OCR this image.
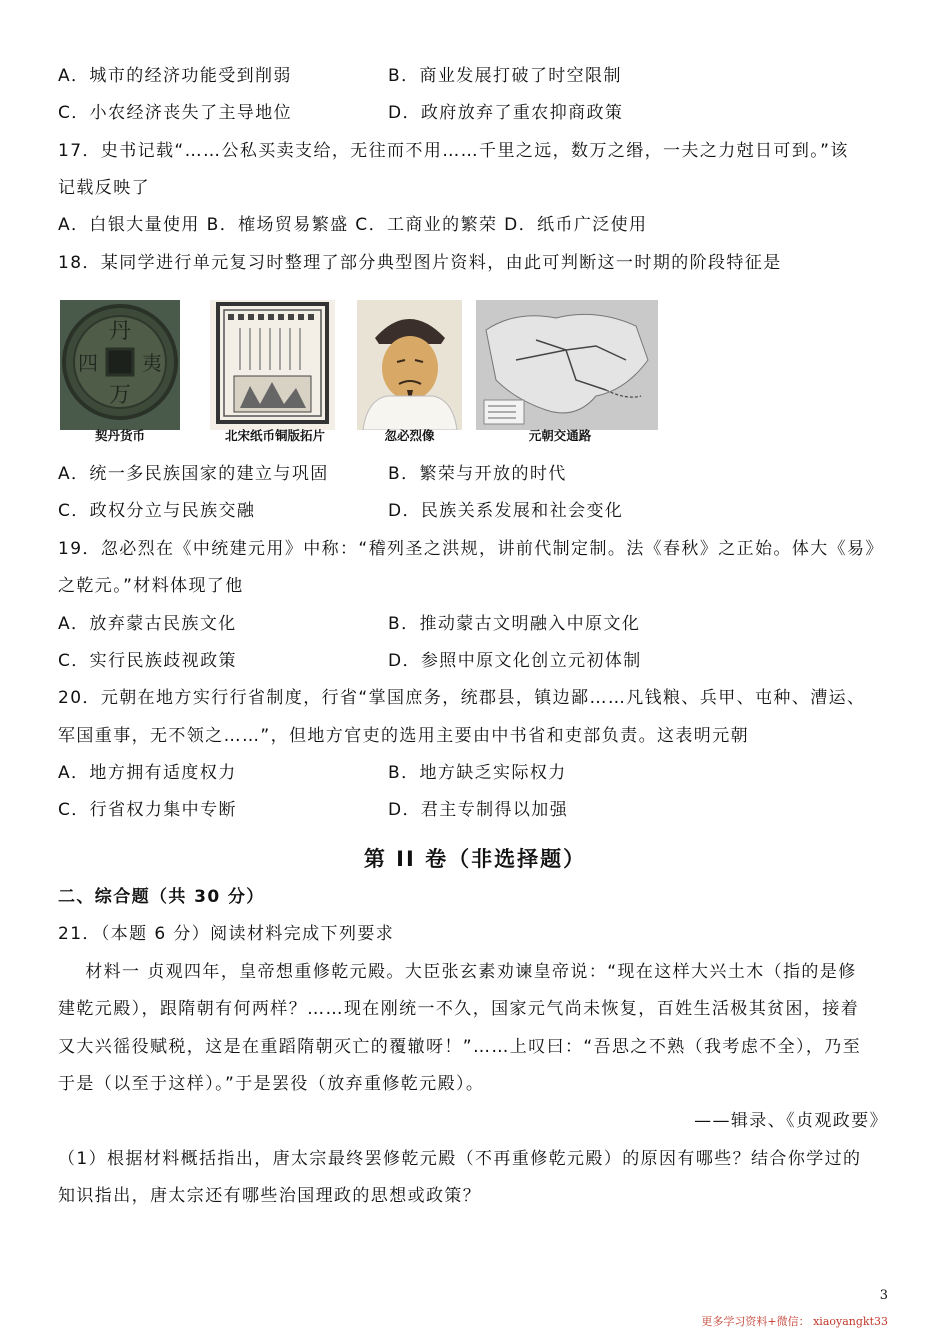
A．城市的经济功能受到削弱	B．商业发展打破了时空限制
C．小农经济丧失了主导地位	D．政府放弃了重农抑商政策
17．史书记载“……公私买卖支给，无往而不用……千里之远，数万之缗，一夫之力尅日可到。”该
记载反映了
A．白银大量使用 B．榷场贸易繁盛 C．工商业的繁荣 D．纸币广泛使用
18．某同学进行单元复习时整理了部分典型图片资料，由此可判断这一时期的阶段特征是
丹
四 夷
万
契丹货币	北宋纸币铜版拓片	忽必烈像	元朝交通路
A．统一多民族国家的建立与巩固	B．繁荣与开放的时代
C．政权分立与民族交融	D．民族关系发展和社会变化
19．忽必烈在《中统建元用》中称：“稽列圣之洪规，讲前代制定制。法《春秋》之正始。体大《易》
之乾元。”材料体现了他
A．放弃蒙古民族文化	B．推动蒙古文明融入中原文化
C．实行民族歧视政策	D．参照中原文化创立元初体制
20．元朝在地方实行行省制度，行省“掌国庶务，统郡县，镇边鄙……凡钱粮、兵甲、屯种、漕运、
军国重事，无不领之……”，但地方官吏的选用主要由中书省和吏部负责。这表明元朝
A．地方拥有适度权力	B．地方缺乏实际权力
C．行省权力集中专断	D．君主专制得以加强
第 II 卷（非选择题）
二、综合题（共 30 分）
21．（本题 6 分）阅读材料完成下列要求
材料一 贞观四年，皇帝想重修乾元殿。大臣张玄素劝谏皇帝说：“现在这样大兴土木（指的是修
建乾元殿），跟隋朝有何两样？……现在刚统一不久，国家元气尚未恢复，百姓生活极其贫困，接着
又大兴徭役赋税，这是在重蹈隋朝灭亡的覆辙呀！”……上叹曰：“吾思之不熟（我考虑不全），乃至
于是（以至于这样）。”于是罢役（放弃重修乾元殿）。
——辑录、《贞观政要》
（1）根据材料概括指出，唐太宗最终罢修乾元殿（不再重修乾元殿）的原因有哪些？结合你学过的
知识指出，唐太宗还有哪些治国理政的思想或政策？
3
更多学习资料+微信： xiaoyangkt33
